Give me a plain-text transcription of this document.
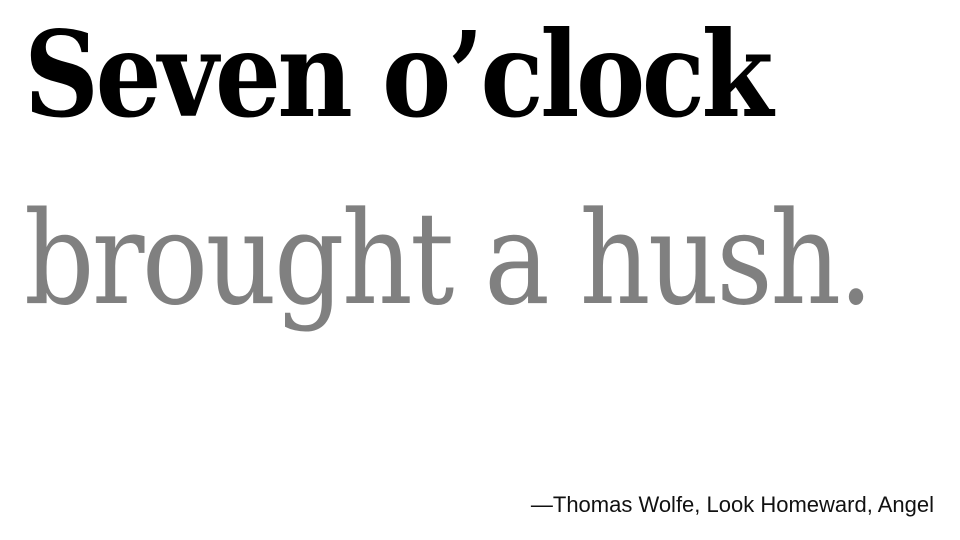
Seven o’clock
brought a hush.

—Thomas Wolfe, Look Homeward, Angel
